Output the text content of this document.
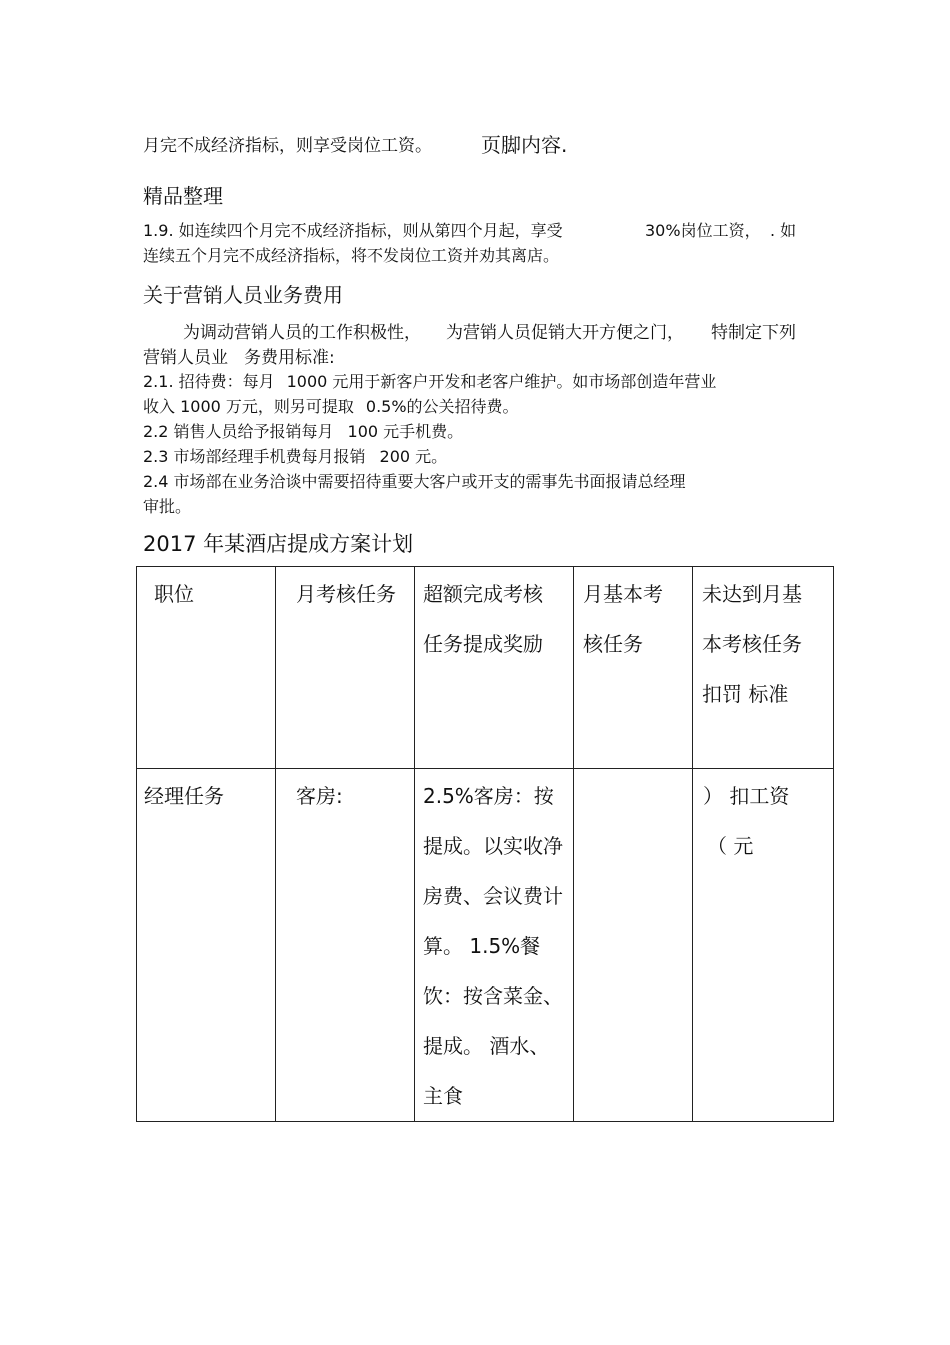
月完不成经济指标，则享受岗位工资。 页脚内容.
精品整理
1.9. 如连续四个月完不成经济指标，则从第四个月起，享受	30%岗位工资， . 如
连续五个月完不成经济指标，将不发岗位工资并劝其离店。
关于营销人员业务费用
为调动营销人员的工作积极性， 为营销人员促销大开方便之门， 特制定下列
营销人员业 务费用标准:
2.1. 招待费：每月 1000 元用于新客户开发和老客户维护。如市场部创造年营业
收入 1000 万元，则另可提取 0.5%的公关招待费。
2.2 销售人员给予报销每月 100 元手机费。
2.3 市场部经理手机费每月报销 200 元。
2.4 市场部在业务洽谈中需要招待重要大客户或开支的需事先书面报请总经理
审批。
2017 年某酒店提成方案计划
职位	月考核任务	超额完成考核任务提成奖励	月基本考核任务	未达到月基本考核任务扣罚 标准

经理任务	客房:	2.5%客房：按提成。以实收净房费、会议费计算。 1.5%餐饮：按含菜金、提成。 酒水、主食		） 扣工资
（ 元
